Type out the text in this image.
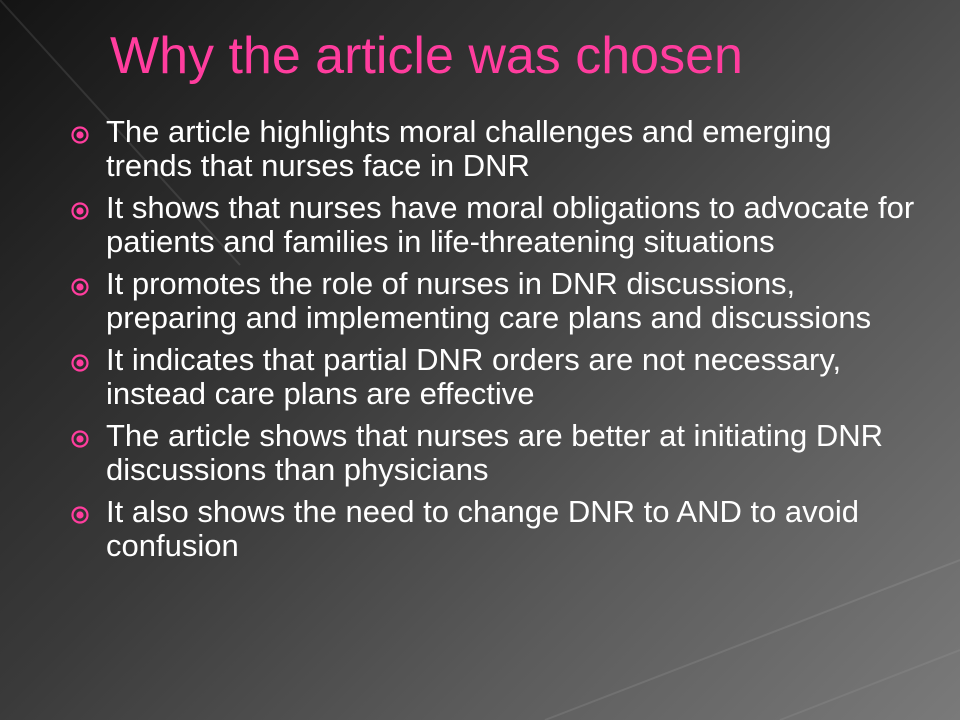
Why the article was chosen
The article highlights moral challenges and emerging trends that nurses face in DNR
It shows that nurses have moral obligations to advocate for patients and families in life-threatening situations
It promotes the role of nurses in DNR discussions, preparing and implementing care plans and discussions
It indicates that partial DNR orders are not necessary, instead care plans are effective
The article shows that nurses are better at initiating DNR discussions than physicians
It also shows the need to change DNR to AND to avoid confusion
